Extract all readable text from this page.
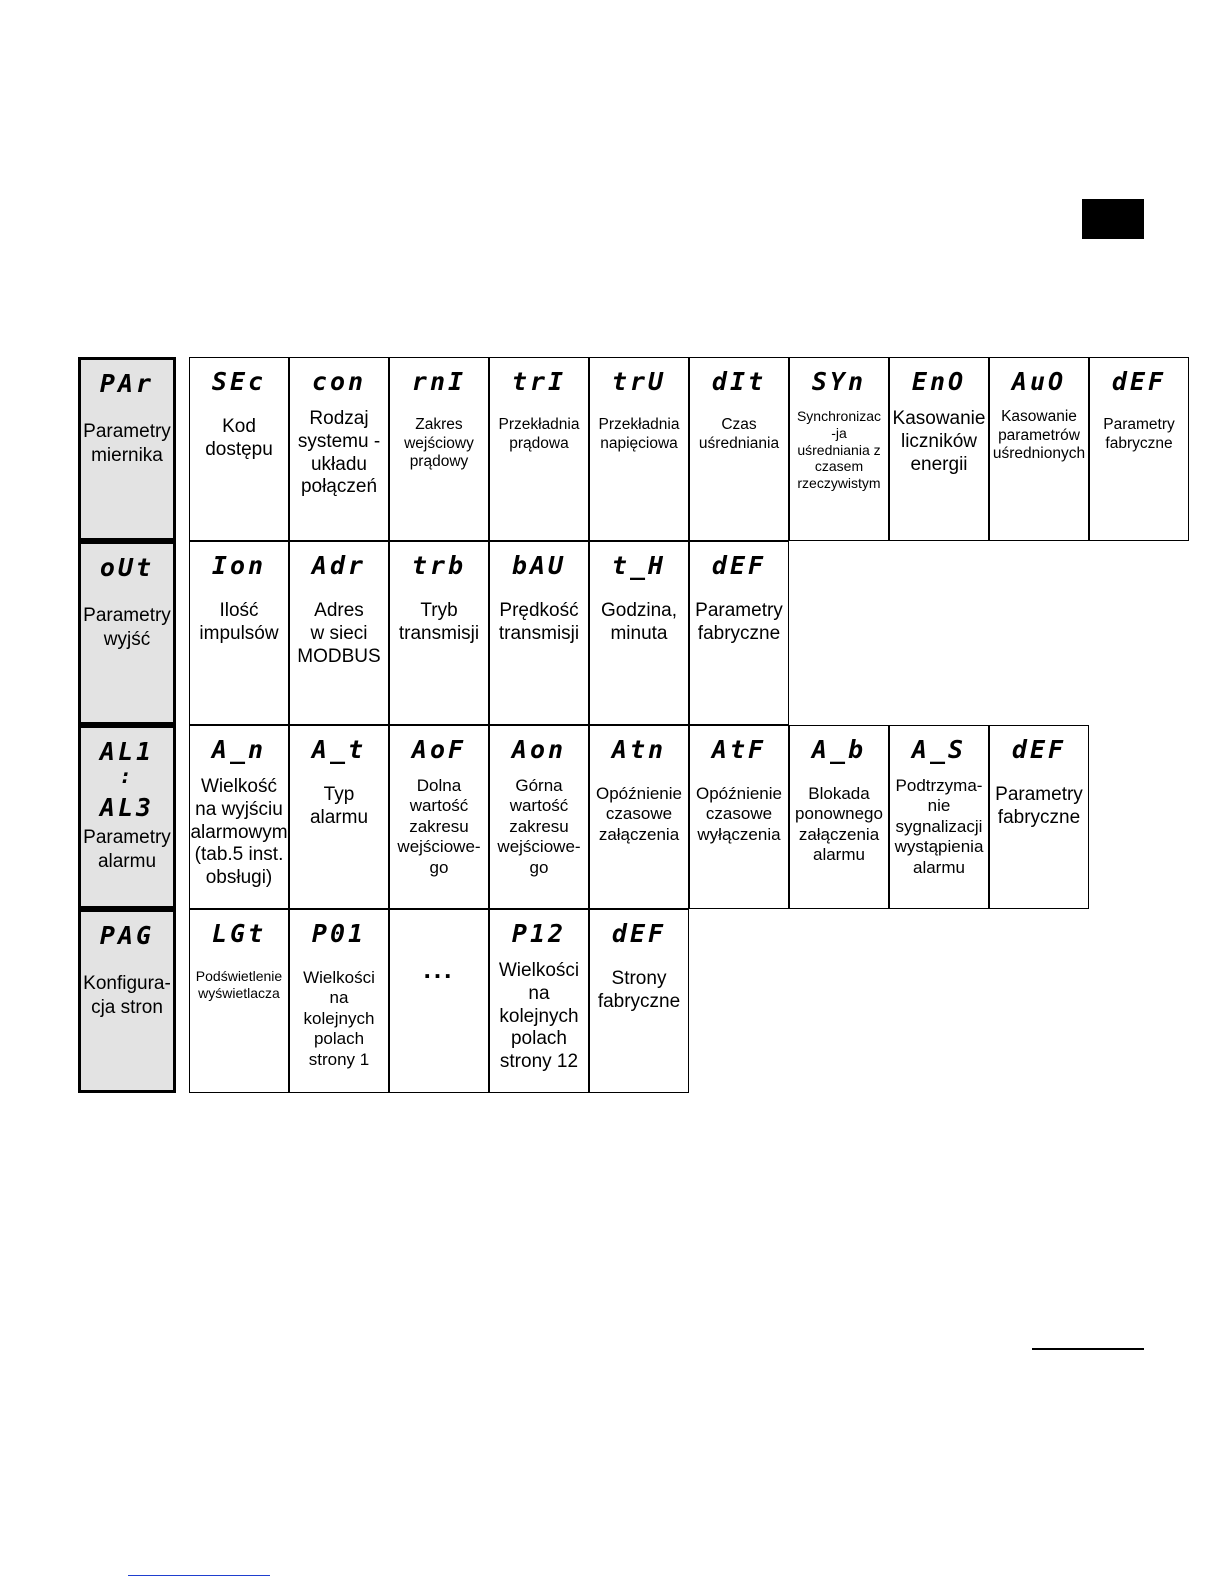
PAr
Parametry
miernika
SEc
Kod
dostępu
con
Rodzaj
systemu -
układu
połączeń
rnI
Zakres
wejściowy
prądowy
trI
Przekładnia
prądowa
trU
Przekładnia
napięciowa
dIt
Czas
uśredniania
SYn
Synchronizac
-ja
uśredniania z
czasem
rzeczywistym
EnO
Kasowanie
liczników
energii
AuO
Kasowanie
parametrów
uśrednionych
dEF
Parametry
fabryczne
oUt
Parametry
wyjść
Ion
Ilość
impulsów
Adr
Adres
w sieci
MODBUS
trb
Tryb
transmisji
bAU
Prędkość
transmisji
t_H
Godzina,
minuta
dEF
Parametry
fabryczne
AL1
:
AL3
Parametry
alarmu
A_n
Wielkość
na wyjściu
alarmowym
(tab.5 inst.
obsługi)
A_t
Typ
alarmu
AoF
Dolna
wartość
zakresu
wejściowe-
go
Aon
Górna
wartość
zakresu
wejściowe-
go
Atn
Opóźnienie
czasowe
załączenia
AtF
Opóźnienie
czasowe
wyłączenia
A_b
Blokada
ponownego
załączenia
alarmu
A_S
Podtrzyma-
nie
sygnalizacji
wystąpienia
alarmu
dEF
Parametry
fabryczne
PAG
Konfigura-
cja stron
LGt
Podświetlenie
wyświetlacza
P01
Wielkości
na
kolejnych
polach
strony 1
...
P12
Wielkości
na
kolejnych
polach
strony 12
dEF
Strony
fabryczne
